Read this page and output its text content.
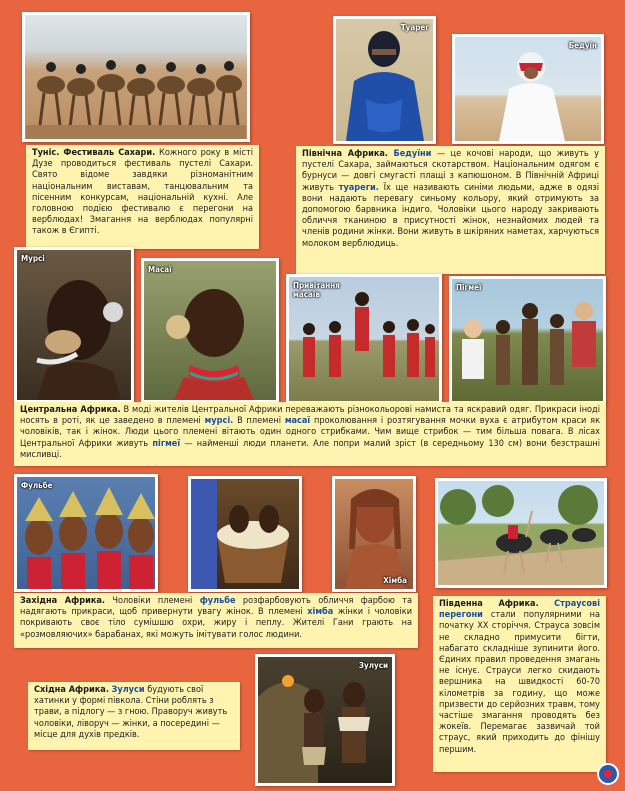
Туарег
Бедуїн
Туніс. Фестиваль Сахари. Кожного року в місті Дузе проводиться фестиваль пустелі Сахари. Свято відоме завдяки різноманітним національним виставам, танцювальним та пісенним конкурсам, національній кухні. Але головною подією фестивалю є перегони на верблюдах! Змагання на верблюдах популярні також в Єгипті.
Північна Африка. Бедуїни — це кочові народи, що живуть у пустелі Сахара, займаються скотарством. Національним одягом є бурнуси — довгі смугасті плащі з капюшоном. В Північній Африці живуть туареги. Їх ще називають синіми людьми, адже в одязі вони надають перевагу синьому кольору, який отримують за допомогою барвника індиго. Чоловіки цього народу закривають обличчя тканиною в присутності жінок, незнайомих людей та членів родини жінки. Вони живуть в шкіряних наметах, харчуються молоком верблюдиць.
Мурсі
Масаї
Привітання масаїв
Пігмеї
Центральна Африка. В моді жителів Центральної Африки переважають різнокольорові намиста та яскравий одяг. Прикраси іноді носять в роті, як це заведено в племені мурсі. В племені масаї проколювання і розтягування мочки вуха є атрибутом краси як чоловіків, так і жінок. Люди цього племені вітають один одного стрибками. Чим вище стрибок — тим більша повага. В лісах Центральної Африки живуть пігмеї — найменші люди планети. Але попри малий зріст (в середньому 130 см) вони безстрашні мисливці.
Фульбе
Хімба
Західна Африка. Чоловіки племені фульбе розфарбовують обличчя фарбою та надягають прикраси, щоб привернути увагу жінок. В племені хімба жінки і чоловіки покривають своє тіло сумішшю охри, жиру і пеплу. Жителі Гани грають на «розмовляючих» барабанах, які можуть імітувати голос людини.
Південна Африка. Страусові перегони стали популярними на початку XX сторіччя. Страуса зовсім не складно примусити бігти, набагато складніше зупинити його. Єдиних правил проведення змагань не існує. Страуси легко скидають вершника на швидкості 60-70 кілометрів за годину, що може призвести до серйозних травм, тому частіше змагання проводять без жокеїв. Перемагає зазвичай той страус, який приходить до фінішу першим.
Східна Африка. Зулуси будують свої хатинки у формі півкола. Стіни роблять з трави, а підлогу — з гною. Праворуч живуть чоловіки, ліворуч — жінки, а посередині — місце для духів предків.
Зулуси
